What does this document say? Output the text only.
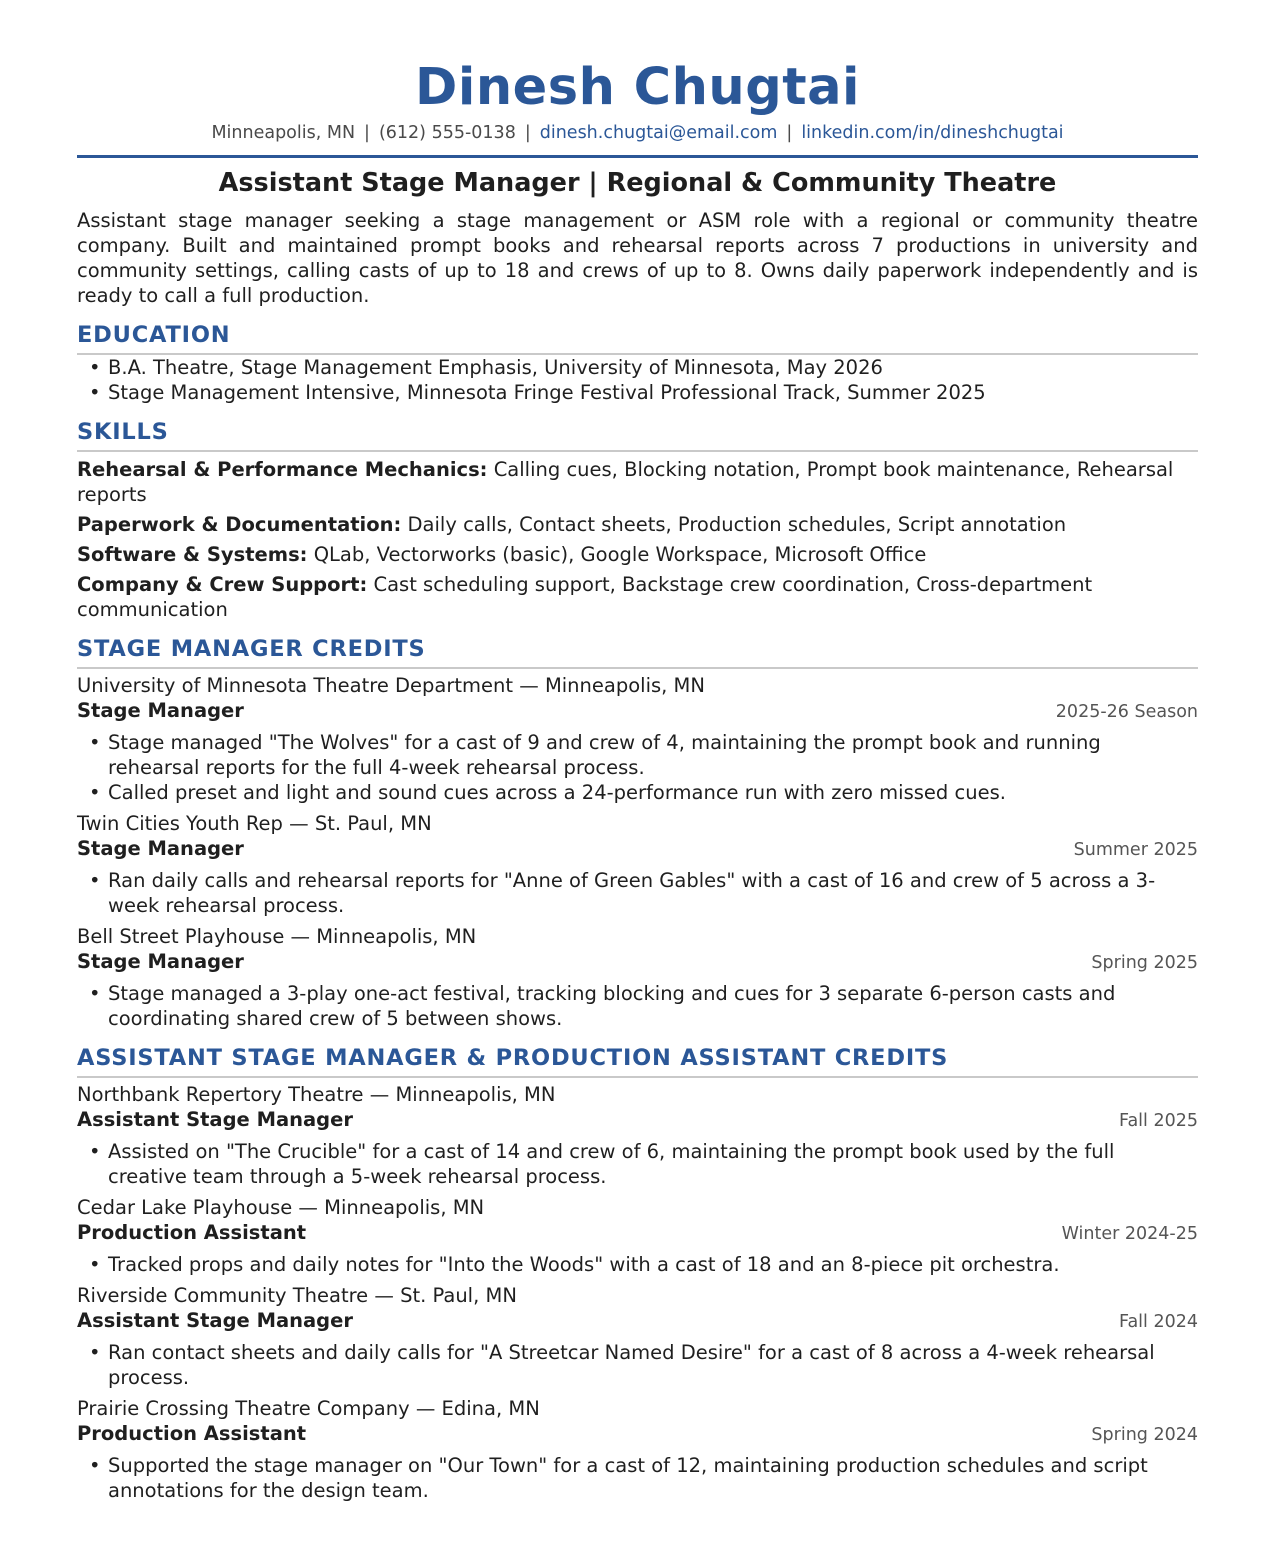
Dinesh Chugtai
Minneapolis, MN | (612) 555-0138 | dinesh.chugtai@email.com | linkedin.com/in/dineshchugtai
Assistant Stage Manager | Regional & Community Theatre
Assistant stage manager seeking a stage management or ASM role with a regional or community theatre company. Built and maintained prompt books and rehearsal reports across 7 productions in university and community settings, calling casts of up to 18 and crews of up to 8. Owns daily paperwork independently and is ready to call a full production.
EDUCATION
• B.A. Theatre, Stage Management Emphasis, University of Minnesota, May 2026
• Stage Management Intensive, Minnesota Fringe Festival Professional Track, Summer 2025
SKILLS
Rehearsal & Performance Mechanics: Calling cues, Blocking notation, Prompt book maintenance, Rehearsal reports
Paperwork & Documentation: Daily calls, Contact sheets, Production schedules, Script annotation
Software & Systems: QLab, Vectorworks (basic), Google Workspace, Microsoft Office
Company & Crew Support: Cast scheduling support, Backstage crew coordination, Cross-department communication
STAGE MANAGER CREDITS
University of Minnesota Theatre Department — Minneapolis, MN
Stage Manager	2025-26 Season
• Stage managed "The Wolves" for a cast of 9 and crew of 4, maintaining the prompt book and running rehearsal reports for the full 4-week rehearsal process.
• Called preset and light and sound cues across a 24-performance run with zero missed cues.
Twin Cities Youth Rep — St. Paul, MN
Stage Manager	Summer 2025
• Ran daily calls and rehearsal reports for "Anne of Green Gables" with a cast of 16 and crew of 5 across a 3-week rehearsal process.
Bell Street Playhouse — Minneapolis, MN
Stage Manager	Spring 2025
• Stage managed a 3-play one-act festival, tracking blocking and cues for 3 separate 6-person casts and coordinating shared crew of 5 between shows.
ASSISTANT STAGE MANAGER & PRODUCTION ASSISTANT CREDITS
Northbank Repertory Theatre — Minneapolis, MN
Assistant Stage Manager	Fall 2025
• Assisted on "The Crucible" for a cast of 14 and crew of 6, maintaining the prompt book used by the full creative team through a 5-week rehearsal process.
Cedar Lake Playhouse — Minneapolis, MN
Production Assistant	Winter 2024-25
• Tracked props and daily notes for "Into the Woods" with a cast of 18 and an 8-piece pit orchestra.
Riverside Community Theatre — St. Paul, MN
Assistant Stage Manager	Fall 2024
• Ran contact sheets and daily calls for "A Streetcar Named Desire" for a cast of 8 across a 4-week rehearsal process.
Prairie Crossing Theatre Company — Edina, MN
Production Assistant	Spring 2024
• Supported the stage manager on "Our Town" for a cast of 12, maintaining production schedules and script annotations for the design team.
